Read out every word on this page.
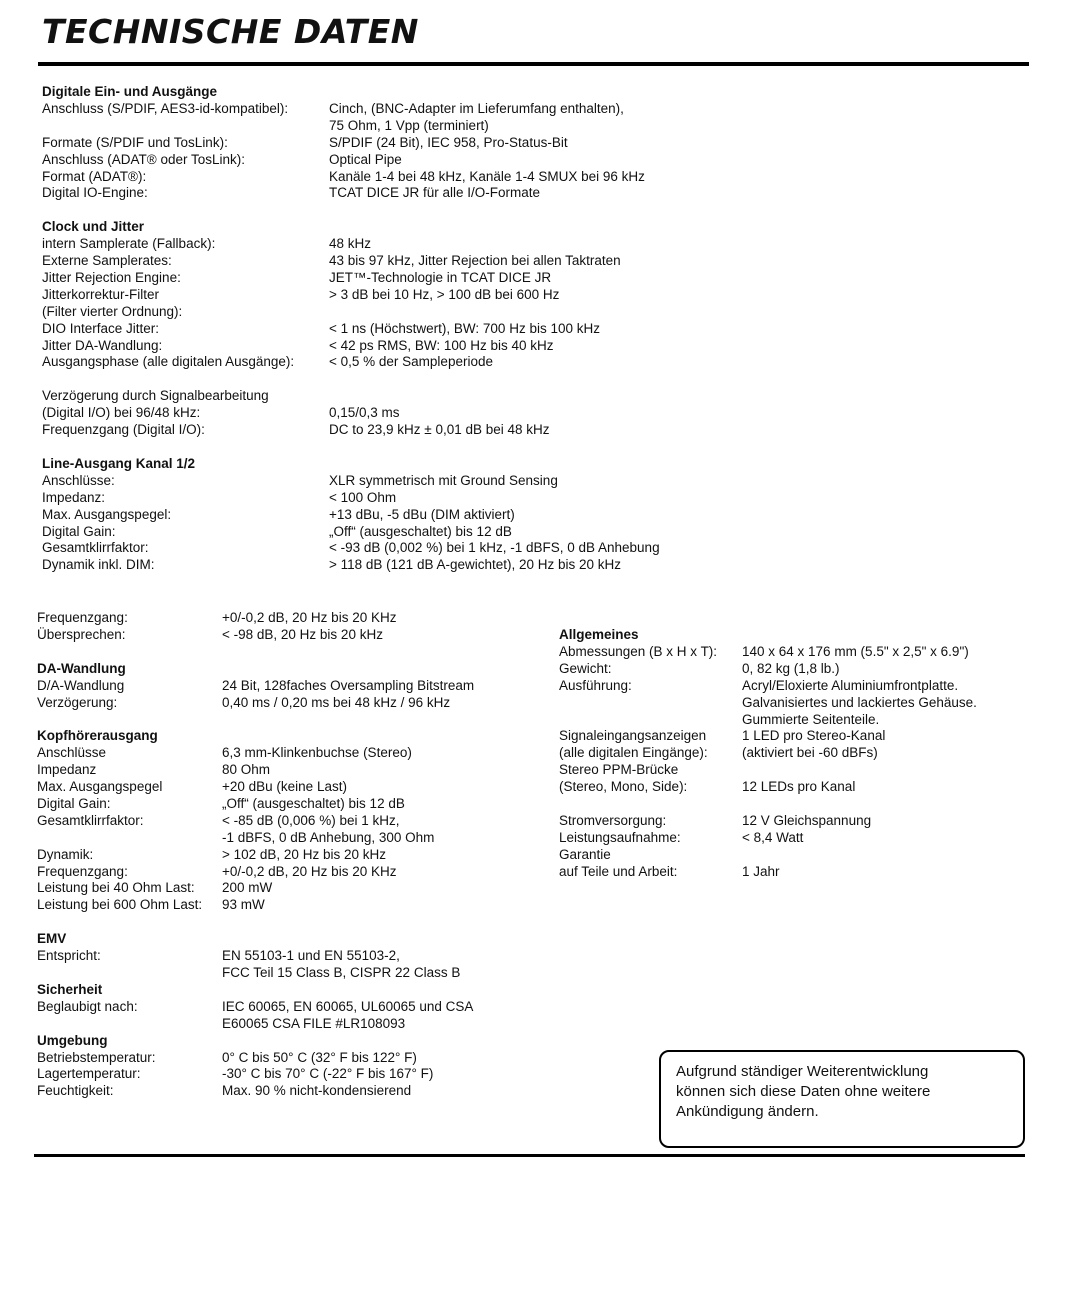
TECHNISCHE DATEN
Digitale Ein- und Ausgänge
Anschluss (S/PDIF, AES3-id-kompatibel):	Cinch, (BNC-Adapter im Lieferumfang enthalten),
75 Ohm, 1 Vpp (terminiert)
Formate (S/PDIF und TosLink):	S/PDIF (24 Bit), IEC 958, Pro-Status-Bit
Anschluss (ADAT® oder TosLink):	Optical Pipe
Format (ADAT®):	Kanäle 1-4 bei 48 kHz, Kanäle 1-4 SMUX bei 96 kHz
Digital IO-Engine:	TCAT DICE JR für alle I/O-Formate
Clock und Jitter
intern Samplerate (Fallback):	48 kHz
Externe Samplerates:	43 bis 97 kHz, Jitter Rejection bei allen Taktraten
Jitter Rejection Engine:	JET™-Technologie in TCAT DICE JR
Jitterkorrektur-Filter	> 3 dB bei 10 Hz, > 100 dB bei 600 Hz
(Filter vierter Ordnung):
DIO Interface Jitter:	< 1 ns (Höchstwert), BW: 700 Hz bis 100 kHz
Jitter DA-Wandlung:	< 42 ps RMS, BW: 100 Hz bis 40 kHz
Ausgangsphase (alle digitalen Ausgänge):	< 0,5 % der Sampleperiode
Verzögerung durch Signalbearbeitung
(Digital I/O) bei 96/48 kHz:	0,15/0,3 ms
Frequenzgang (Digital I/O):	DC to 23,9 kHz ± 0,01 dB bei 48 kHz
Line-Ausgang Kanal 1/2
Anschlüsse:	XLR symmetrisch mit Ground Sensing
Impedanz:	< 100 Ohm
Max. Ausgangspegel:	+13 dBu, -5 dBu (DIM aktiviert)
Digital Gain:	„Off“ (ausgeschaltet) bis 12 dB
Gesamtklirrfaktor:	< -93 dB (0,002 %) bei 1 kHz, -1 dBFS, 0 dB Anhebung
Dynamik inkl. DIM:	> 118 dB (121 dB A-gewichtet), 20 Hz bis 20 kHz
Frequenzgang:	+0/-0,2 dB, 20 Hz bis 20 KHz
Übersprechen:	< -98 dB, 20 Hz bis 20 kHz
DA-Wandlung
D/A-Wandlung	24 Bit, 128faches Oversampling Bitstream
Verzögerung:	0,40 ms / 0,20 ms bei 48 kHz / 96 kHz
Kopfhörerausgang
Anschlüsse	6,3 mm-Klinkenbuchse (Stereo)
Impedanz	80 Ohm
Max. Ausgangspegel	+20 dBu (keine Last)
Digital Gain:	„Off“ (ausgeschaltet) bis 12 dB
Gesamtklirrfaktor:	< -85 dB (0,006 %) bei 1 kHz,
-1 dBFS, 0 dB Anhebung, 300 Ohm
Dynamik:	> 102 dB, 20 Hz bis 20 kHz
Frequenzgang:	+0/-0,2 dB, 20 Hz bis 20 KHz
Leistung bei 40 Ohm Last:	200 mW
Leistung bei 600 Ohm Last:	93 mW
EMV
Entspricht:	EN 55103-1 und EN 55103-2,
FCC Teil 15 Class B, CISPR 22 Class B
Sicherheit
Beglaubigt nach:	IEC 60065, EN 60065, UL60065 und CSA
E60065 CSA FILE #LR108093
Umgebung
Betriebstemperatur:	0° C bis 50° C (32° F bis 122° F)
Lagertemperatur:	-30° C bis 70° C (-22° F bis 167° F)
Feuchtigkeit:	Max. 90 % nicht-kondensierend
Allgemeines
Abmessungen (B x H x T):	140 x 64 x 176 mm (5.5" x 2,5" x 6.9")
Gewicht:	0, 82 kg (1,8 lb.)
Ausführung:	Acryl/Eloxierte Aluminiumfrontplatte.
Galvanisiertes und lackiertes Gehäuse.
Gummierte Seitenteile.
Signaleingangsanzeigen	1 LED pro Stereo-Kanal
(alle digitalen Eingänge):	(aktiviert bei -60 dBFs)
Stereo PPM-Brücke
(Stereo, Mono, Side):	12 LEDs pro Kanal
Stromversorgung:	12 V Gleichspannung
Leistungsaufnahme:	< 8,4 Watt
Garantie
auf Teile und Arbeit:	1 Jahr
Aufgrund ständiger Weiterentwicklung
können sich diese Daten ohne weitere
Ankündigung ändern.
